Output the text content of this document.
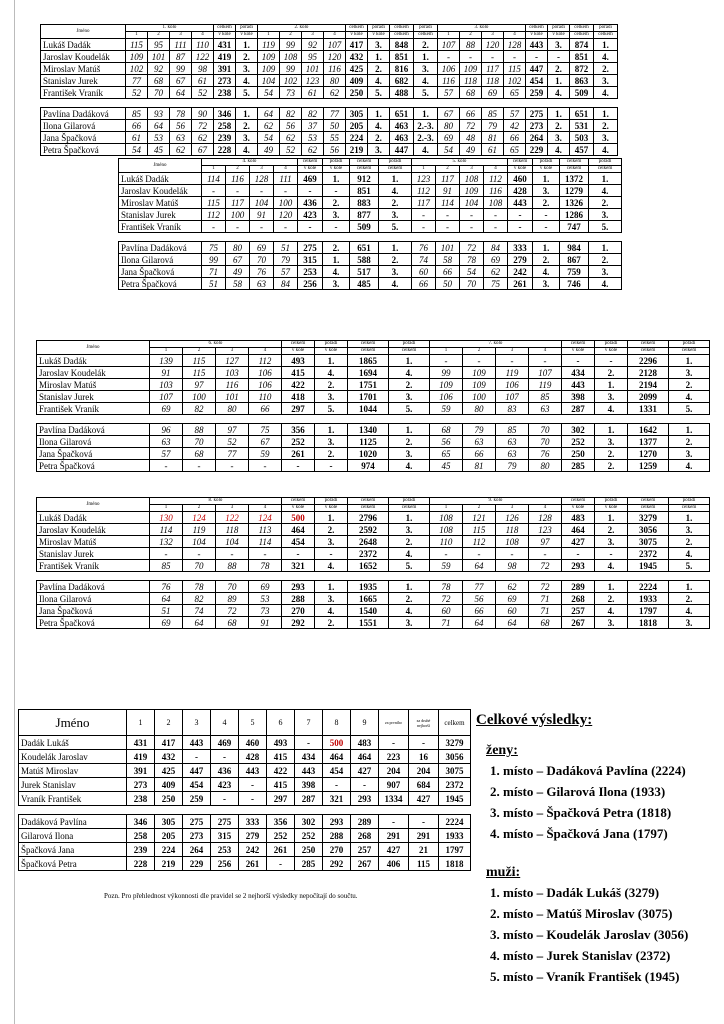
Jméno	1. kolo				celkem	pořadí	2. kolo				celkem	pořadí	celkem	pořadí	3. kolo				celkem	pořadí	celkem	pořadí
	1	2	3	4	v kole	v kole	1	2	3	4	v kole	v kole	celkem	celkem	1	2	3	4	v kole	v kole	celkem	celkem
Lukáš Dadák	115	95	111	110	431	1.	119	99	92	107	417	3.	848	2.	107	88	120	128	443	3.	874	1.
Jaroslav Koudelák	109	101	87	122	419	2.	109	108	95	120	432	1.	851	1.	-	-	-	-	-	-	851	4.
Miroslav Matúš	102	92	99	98	391	3.	109	99	101	116	425	2.	816	3.	106	109	117	115	447	2.	872	2.
Stanislav Jurek	77	68	67	61	273	4.	104	102	123	80	409	4.	682	4.	116	118	118	102	454	1.	863	3.
František Vraník	52	70	64	52	238	5.	54	73	61	62	250	5.	488	5.	57	68	69	65	259	4.	509	4.

Pavlína Dadáková	85	93	78	90	346	1.	64	82	82	77	305	1.	651	1.	67	66	85	57	275	1.	651	1.
Ilona Gilarová	66	64	56	72	258	2.	62	56	37	50	205	4.	463	2.-3.	80	72	79	42	273	2.	531	2.
Jana Špačková	61	53	63	62	239	3.	54	62	53	55	224	2.	463	2.-3.	69	48	81	66	264	3.	503	3.
Petra Špačková	54	45	62	67	228	4.	49	52	62	56	219	3.	447	4.	54	49	61	65	229	4.	457	4.
Jméno	4. kolo				celkem	pořadí	celkem	pořadí	5. kolo				celkem	pořadí	celkem	pořadí
	1	2	3	4	v kole	v kole	celkem	celkem	1	2	3	4	v kole	v kole	celkem	celkem
Lukáš Dadák	114	116	128	111	469	1.	912	1.	123	117	108	112	460	1.	1372	1.
Jaroslav Koudelák	-	-	-	-	-	-	851	4.	112	91	109	116	428	3.	1279	4.
Miroslav Matúš	115	117	104	100	436	2.	883	2.	117	114	104	108	443	2.	1326	2.
Stanislav Jurek	112	100	91	120	423	3.	877	3.	-	-	-	-	-	-	1286	3.
František Vraník	-	-	-	-	-	-	509	5.	-	-	-	-	-	-	747	5.

Pavlína Dadáková	75	80	69	51	275	2.	651	1.	76	101	72	84	333	1.	984	1.
Ilona Gilarová	99	67	70	79	315	1.	588	2.	74	58	78	69	279	2.	867	2.
Jana Špačková	71	49	76	57	253	4.	517	3.	60	66	54	62	242	4.	759	3.
Petra Špačková	51	58	63	84	256	3.	485	4.	66	50	70	75	261	3.	746	4.
Jméno	6. kolo				celkem	pořadí	celkem	pořadí	7. kolo				celkem	pořadí	celkem	pořadí
	1	2	3	4	v kole	v kole	celkem	celkem	1	2	3	4	v kole	v kole	celkem	celkem
Lukáš Dadák	139	115	127	112	493	1.	1865	1.	-	-	-	-	-	-	2296	1.
Jaroslav Koudelák	91	115	103	106	415	4.	1694	4.	99	109	119	107	434	2.	2128	3.
Miroslav Matúš	103	97	116	106	422	2.	1751	2.	109	109	106	119	443	1.	2194	2.
Stanislav Jurek	107	100	101	110	418	3.	1701	3.	106	100	107	85	398	3.	2099	4.
František Vraník	69	82	80	66	297	5.	1044	5.	59	80	83	63	287	4.	1331	5.

Pavlína Dadáková	96	88	97	75	356	1.	1340	1.	68	79	85	70	302	1.	1642	1.
Ilona Gilarová	63	70	52	67	252	3.	1125	2.	56	63	63	70	252	3.	1377	2.
Jana Špačková	57	68	77	59	261	2.	1020	3.	65	66	63	76	250	2.	1270	3.
Petra Špačková	-	-	-	-	-	-	974	4.	45	81	79	80	285	2.	1259	4.
Jméno	8. kolo				celkem	pořadí	celkem	pořadí	9. kolo				celkem	pořadí	celkem	pořadí
	1	2	3	4	v kole	v kole	celkem	celkem	1	2	3	4	v kole	v kole	celkem	celkem
Lukáš Dadák	130	124	122	124	500	1.	2796	1.	108	121	126	128	483	1.	3279	1.
Jaroslav Koudelák	114	119	118	113	464	2.	2592	3.	108	115	118	123	464	2.	3056	3.
Miroslav Matúš	132	104	104	114	454	3.	2648	2.	110	112	108	97	427	3.	3075	2.
Stanislav Jurek	-	-	-	-	-	-	2372	4.	-	-	-	-	-	-	2372	4.
František Vraník	85	70	88	78	321	4.	1652	5.	59	64	98	72	293	4.	1945	5.

Pavlína Dadáková	76	78	70	69	293	1.	1935	1.	78	77	62	72	289	1.	2224	1.
Ilona Gilarová	64	82	89	53	288	3.	1665	2.	72	56	69	71	268	2.	1933	2.
Jana Špačková	51	74	72	73	270	4.	1540	4.	60	66	60	71	257	4.	1797	4.
Petra Špačková	69	64	68	91	292	2.	1551	3.	71	64	64	68	267	3.	1818	3.
Jméno	1	2	3	4	5	6	7	8	9	za prvního	za druhé nejhorší	celkem
Dadák Lukáš	431	417	443	469	460	493	-	500	483	-	-	3279
Koudelák Jaroslav	419	432	-	-	428	415	434	464	464	223	16	3056
Matúš Miroslav	391	425	447	436	443	422	443	454	427	204	204	3075
Jurek Stanislav	273	409	454	423	-	415	398	-	-	907	684	2372
Vraník František	238	250	259	-	-	297	287	321	293	1334	427	1945

Dadáková Pavlína	346	305	275	275	333	356	302	293	289	-	-	2224
Gilarová Ilona	258	205	273	315	279	252	252	288	268	291	291	1933
Špačková Jana	239	224	264	253	242	261	250	270	257	427	21	1797
Špačková Petra	228	219	229	256	261	-	285	292	267	406	115	1818
Pozn. Pro přehlednost výkonnosti dle pravidel se 2 nejhorší výsledky nepočítají do součtu.
Celkové výsledky:
ženy:
1. místo – Dadáková Pavlína (2224)
2. místo – Gilarová Ilona (1933)
3. místo – Špačková Petra (1818)
4. místo – Špačková Jana (1797)
muži:
1. místo – Dadák Lukáš (3279)
2. místo – Matúš Miroslav (3075)
3. místo – Koudelák Jaroslav (3056)
4. místo – Jurek Stanislav (2372)
5. místo – Vraník František (1945)
